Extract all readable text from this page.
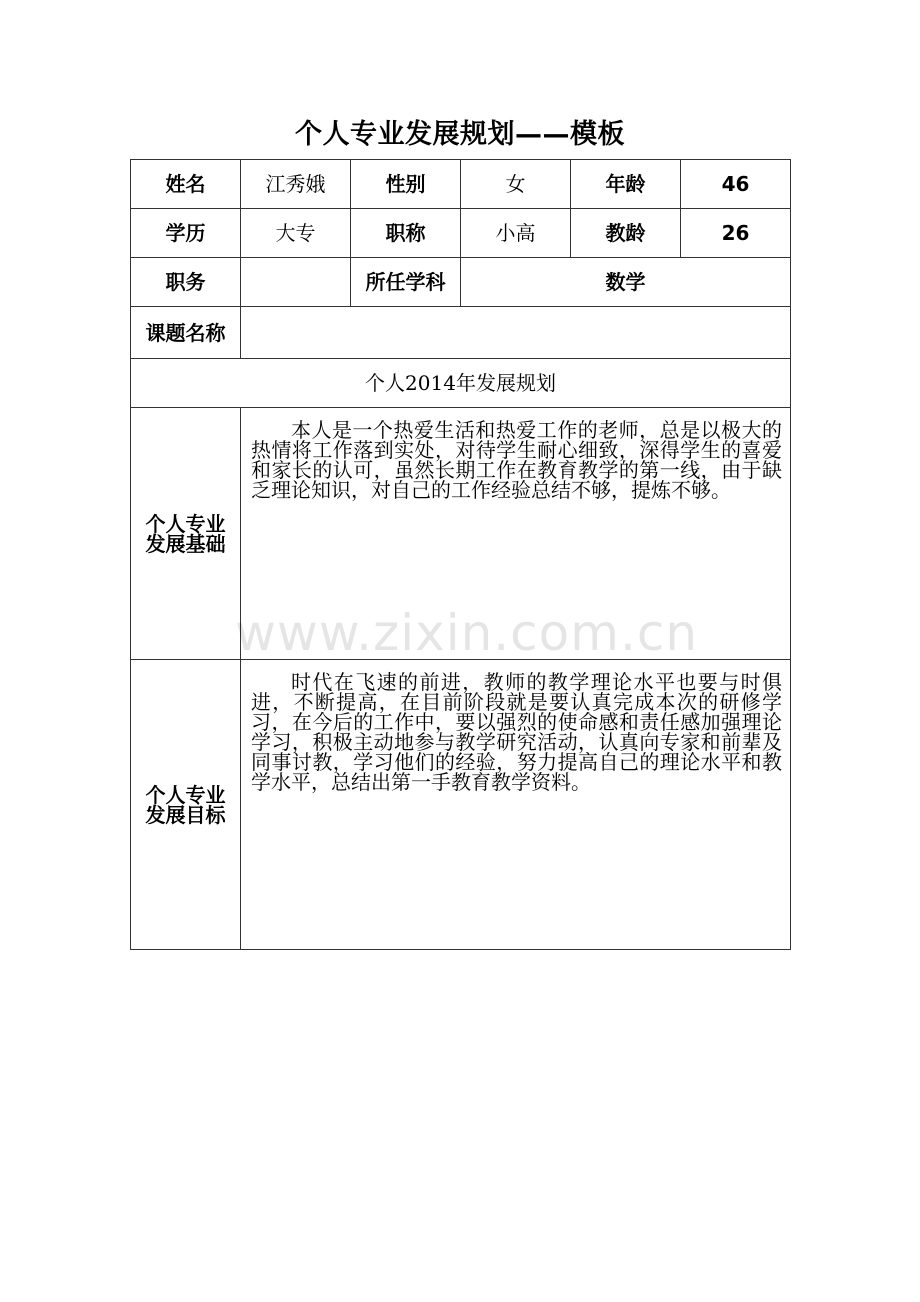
个人专业发展规划——模板
姓名	江秀娥	性别	女	年龄	46
学历	大专	职称	小高	教龄	26
职务		所任学科	数学		
课题名称					
个人2014年发展规划					

个人专业
发展基础	本人是一个热爱生活和热爱工作的老师，总是以极大的热情将工作落到实处，对待学生耐心细致，深得学生的喜爱和家长的认可，虽然长期工作在教育教学的第一线，由于缺乏理论知识，对自己的工作经验总结不够，提炼不够。				

个人专业
发展目标	时代在飞速的前进，教师的教学理论水平也要与时俱进，不断提高，在目前阶段就是要认真完成本次的研修学习，在今后的工作中，要以强烈的使命感和责任感加强理论学习，积极主动地参与教学研究活动，认真向专家和前辈及同事讨教，学习他们的经验，努力提高自己的理论水平和教学水平，总结出第一手教育教学资料。				
www.zixin.com.cn
